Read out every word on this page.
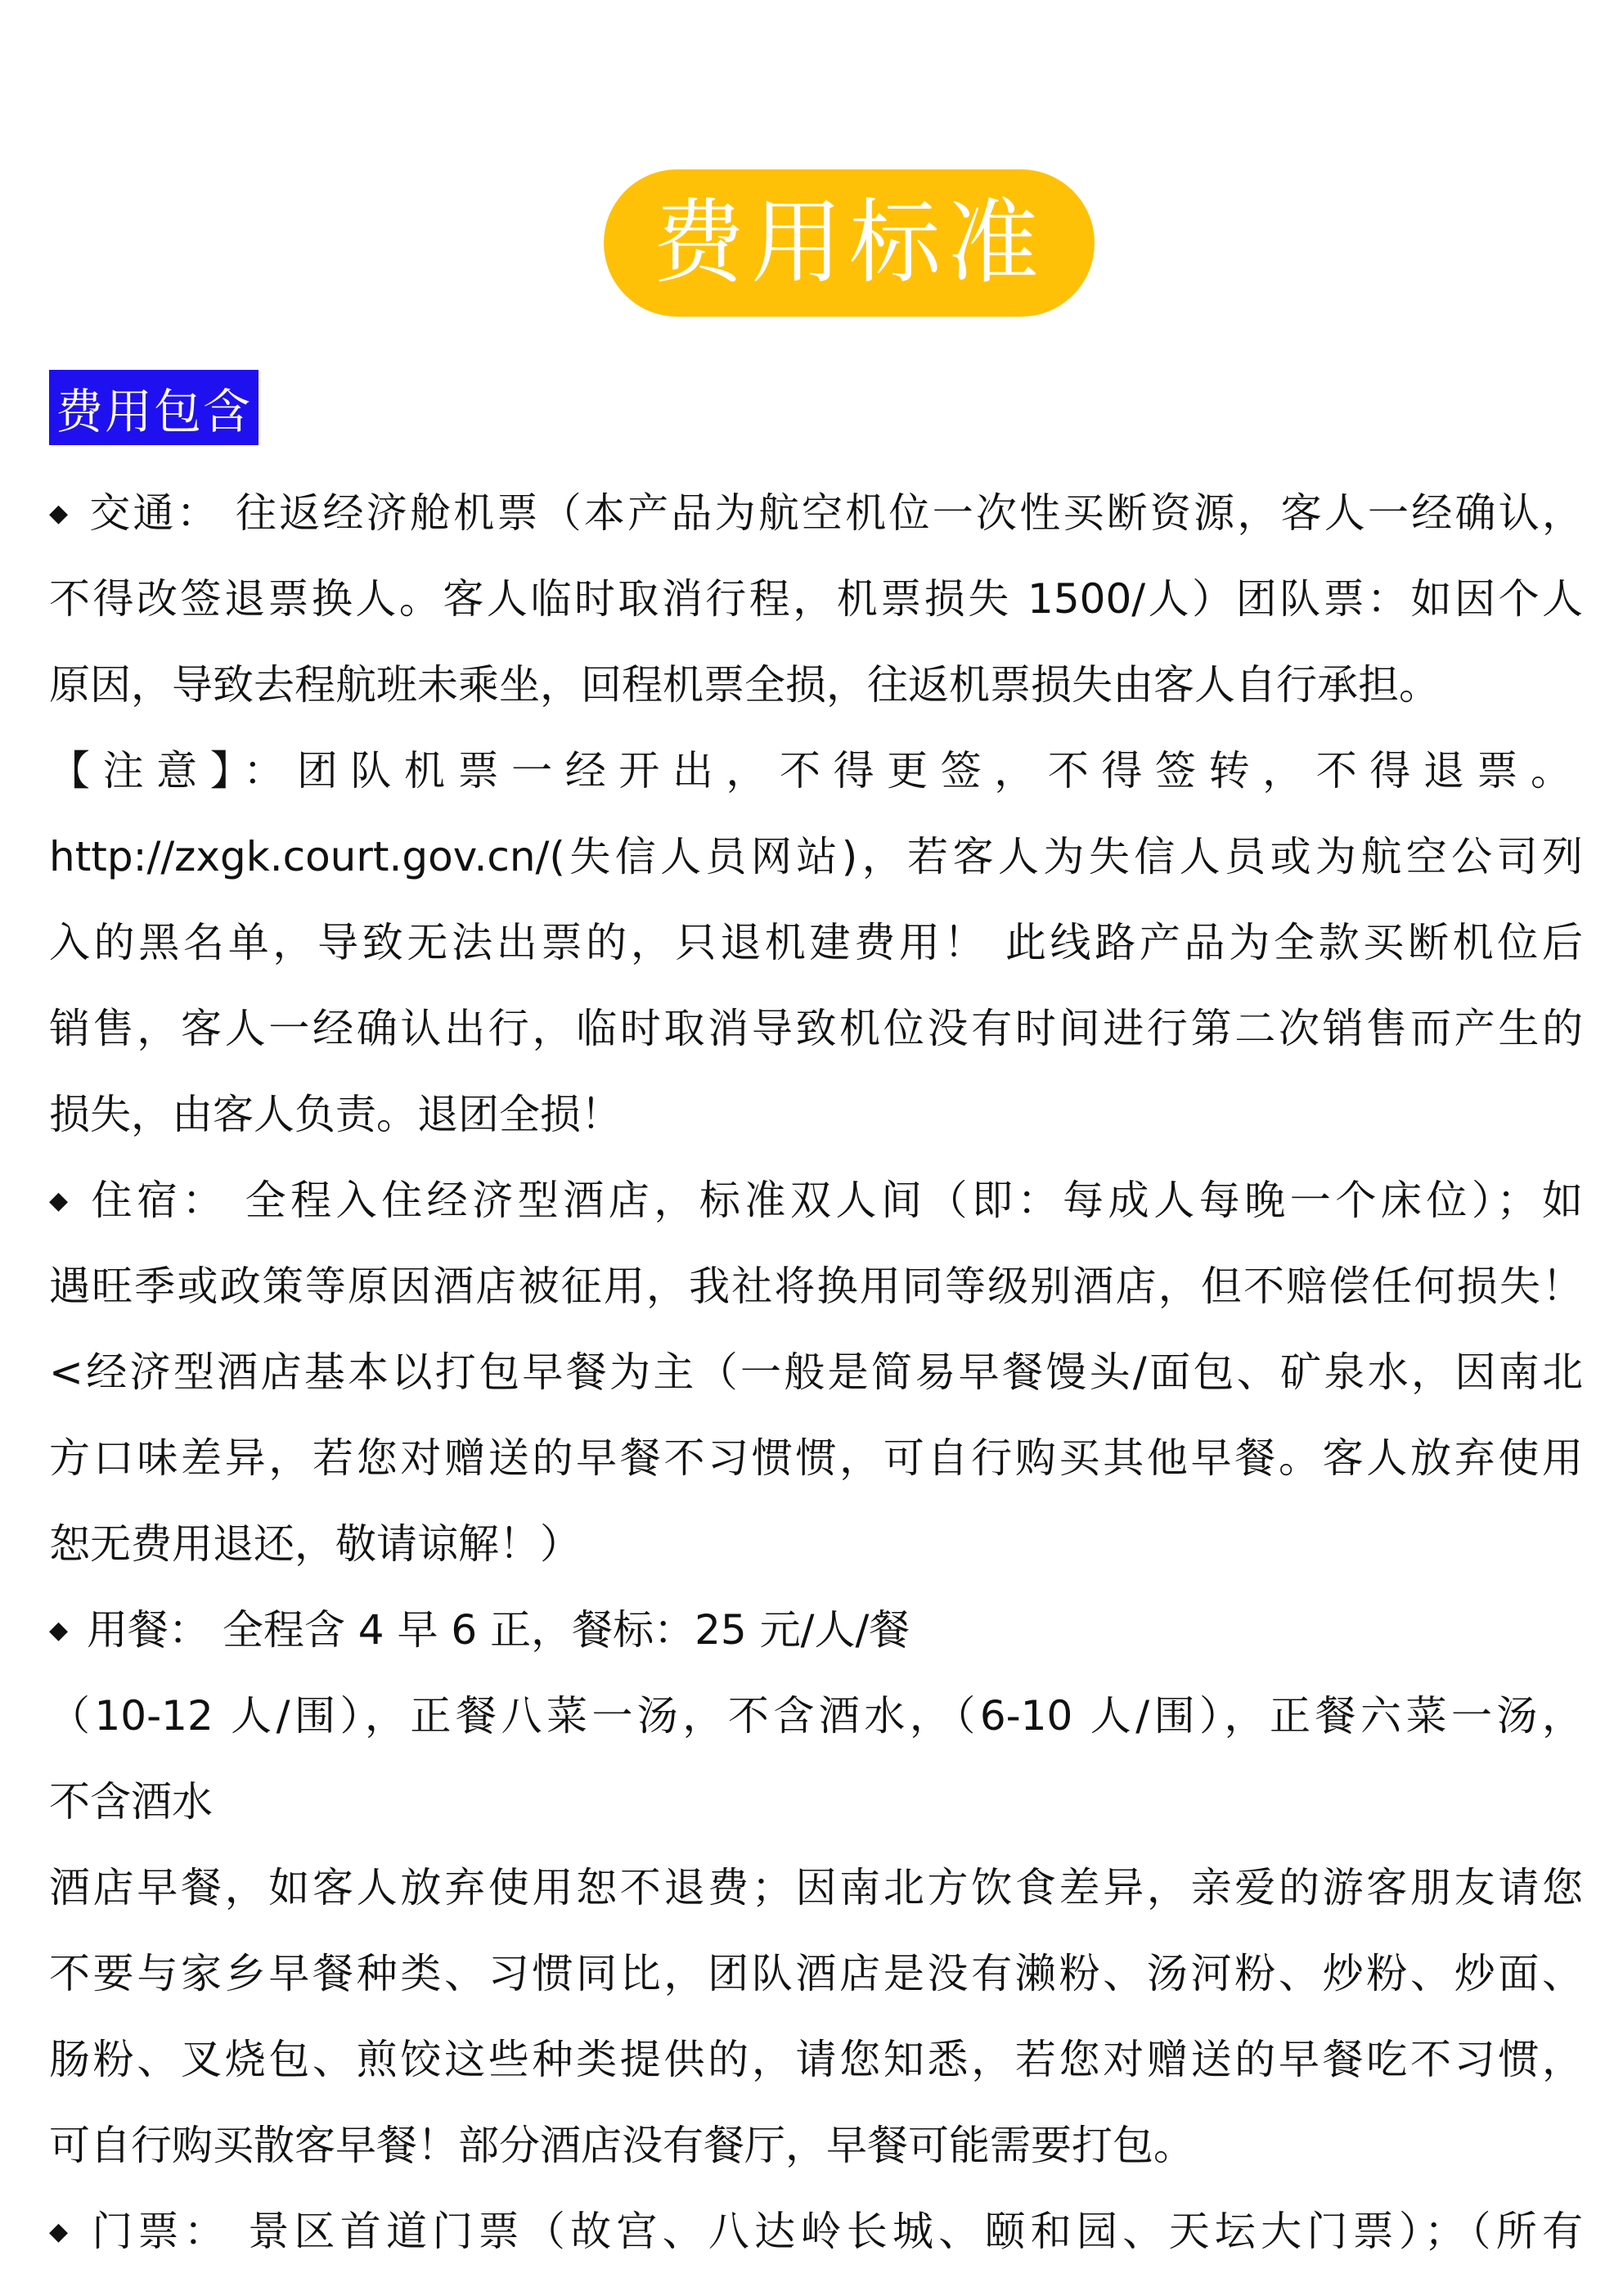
费用标准
费用包含
◆ 交通： 往返经济舱机票（本产品为航空机位一次性买断资源，客人一经确认，
不得改签退票换人。客人临时取消行程，机票损失 1500/人）团队票：如因个人
原因，导致去程航班未乘坐，回程机票全损，往返机票损失由客人自行承担。
【注意】：团队机票一经开出，不得更签，不得签转，不得退票。
http://zxgk.court.gov.cn/(失信人员网站)，若客人为失信人员或为航空公司列
入的黑名单，导致无法出票的，只退机建费用！ 此线路产品为全款买断机位后
销售，客人一经确认出行，临时取消导致机位没有时间进行第二次销售而产生的
损失，由客人负责。退团全损！
◆ 住宿： 全程入住经济型酒店，标准双人间（即：每成人每晚一个床位）；如
遇旺季或政策等原因酒店被征用，我社将换用同等级别酒店，但不赔偿任何损失！
<经济型酒店基本以打包早餐为主（一般是简易早餐馒头/面包、矿泉水，因南北
方口味差异，若您对赠送的早餐不习惯惯，可自行购买其他早餐。客人放弃使用
恕无费用退还，敬请谅解！）
◆ 用餐： 全程含 4 早 6 正，餐标：25 元/人/餐
（10-12 人/围），正餐八菜一汤，不含酒水，（6-10 人/围），正餐六菜一汤，
不含酒水
酒店早餐，如客人放弃使用恕不退费；因南北方饮食差异，亲爱的游客朋友请您
不要与家乡早餐种类、习惯同比，团队酒店是没有濑粉、汤河粉、炒粉、炒面、
肠粉、叉烧包、煎饺这些种类提供的，请您知悉，若您对赠送的早餐吃不习惯，
可自行购买散客早餐！部分酒店没有餐厅，早餐可能需要打包。
◆ 门票： 景区首道门票（故宫、八达岭长城、颐和园、天坛大门票）；（所有
